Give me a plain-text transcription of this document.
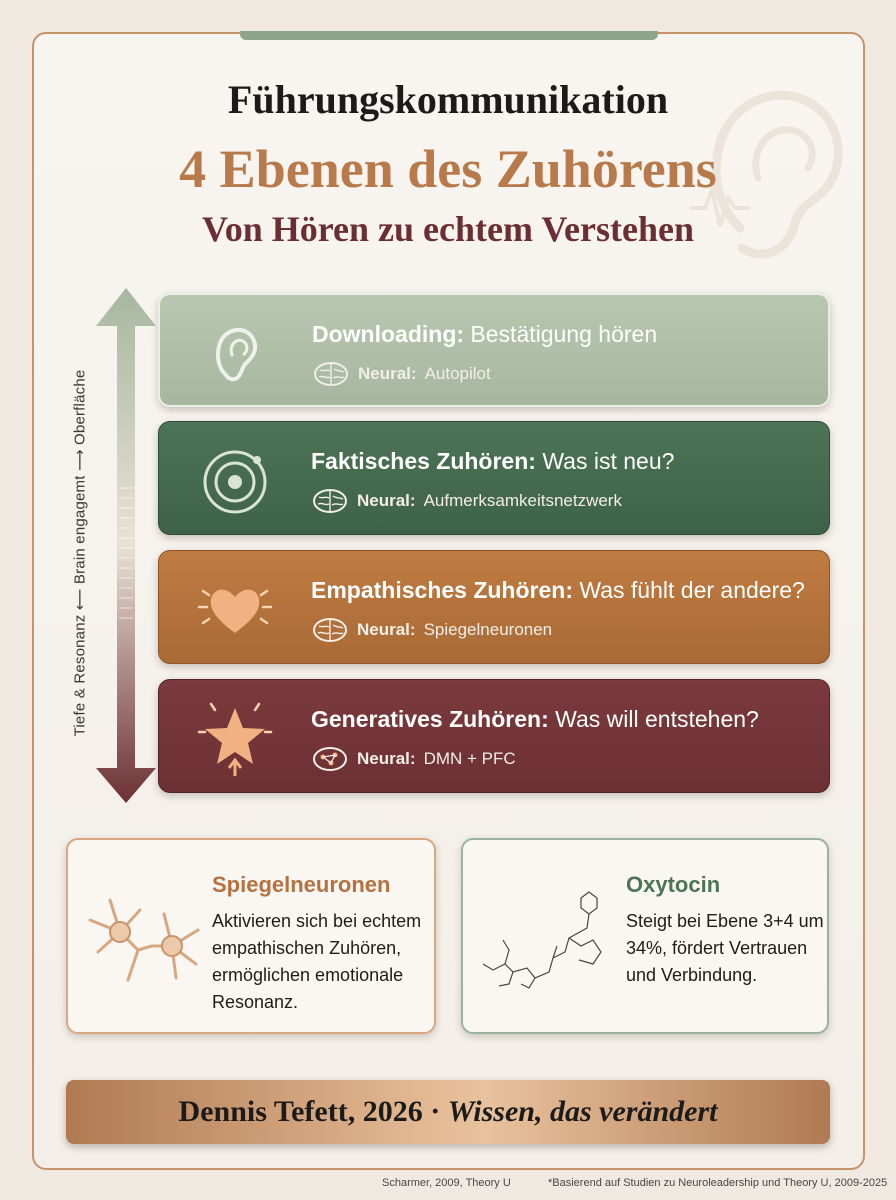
Führungskommunikation
4 Ebenen des Zuhörens
Von Hören zu echtem Verstehen
Tiefe & Resonanz ⟵ Brain engagemt ⟶ Oberfläche
Downloading: Bestätigung hören
Neural: Autopilot
Faktisches Zuhören: Was ist neu?
Neural: Aufmerksamkeitsnetzwerk
Empathisches Zuhören: Was fühlt der andere?
Neural: Spiegelneuronen
Generatives Zuhören: Was will entstehen?
Neural: DMN + PFC
Spiegelneuronen
Aktivieren sich bei echtem empathischen Zuhören, ermöglichen emotionale Resonanz.
Oxytocin
Steigt bei Ebene 3+4 um 34%, fördert Vertrauen und Verbindung.
Dennis Tefett, 2026 · Wissen, das verändert
Scharmer, 2009, Theory U	*Basierend auf Studien zu Neuroleadership und Theory U, 2009-2025
